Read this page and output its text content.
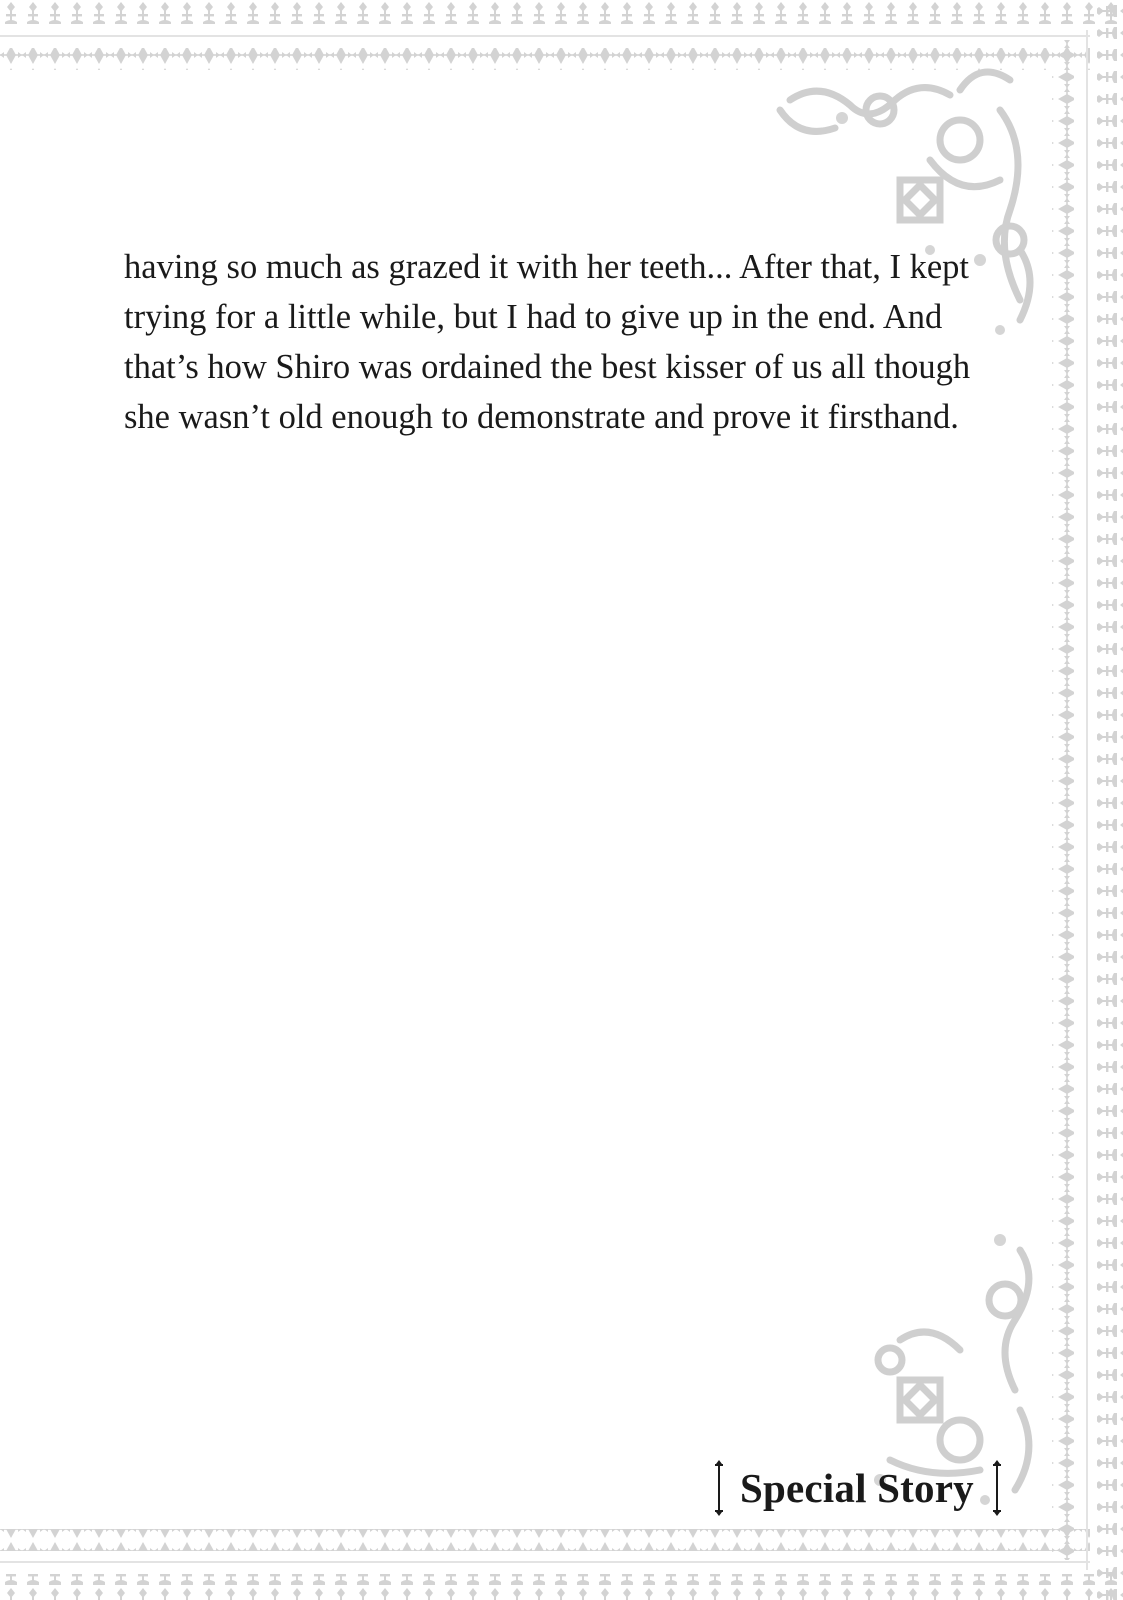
having so much as grazed it with her teeth... After that, I kept
trying for a little while, but I had to give up in the end. And
that’s how Shiro was ordained the best kisser of us all though
she wasn’t old enough to demonstrate and prove it firsthand.
Special Story
